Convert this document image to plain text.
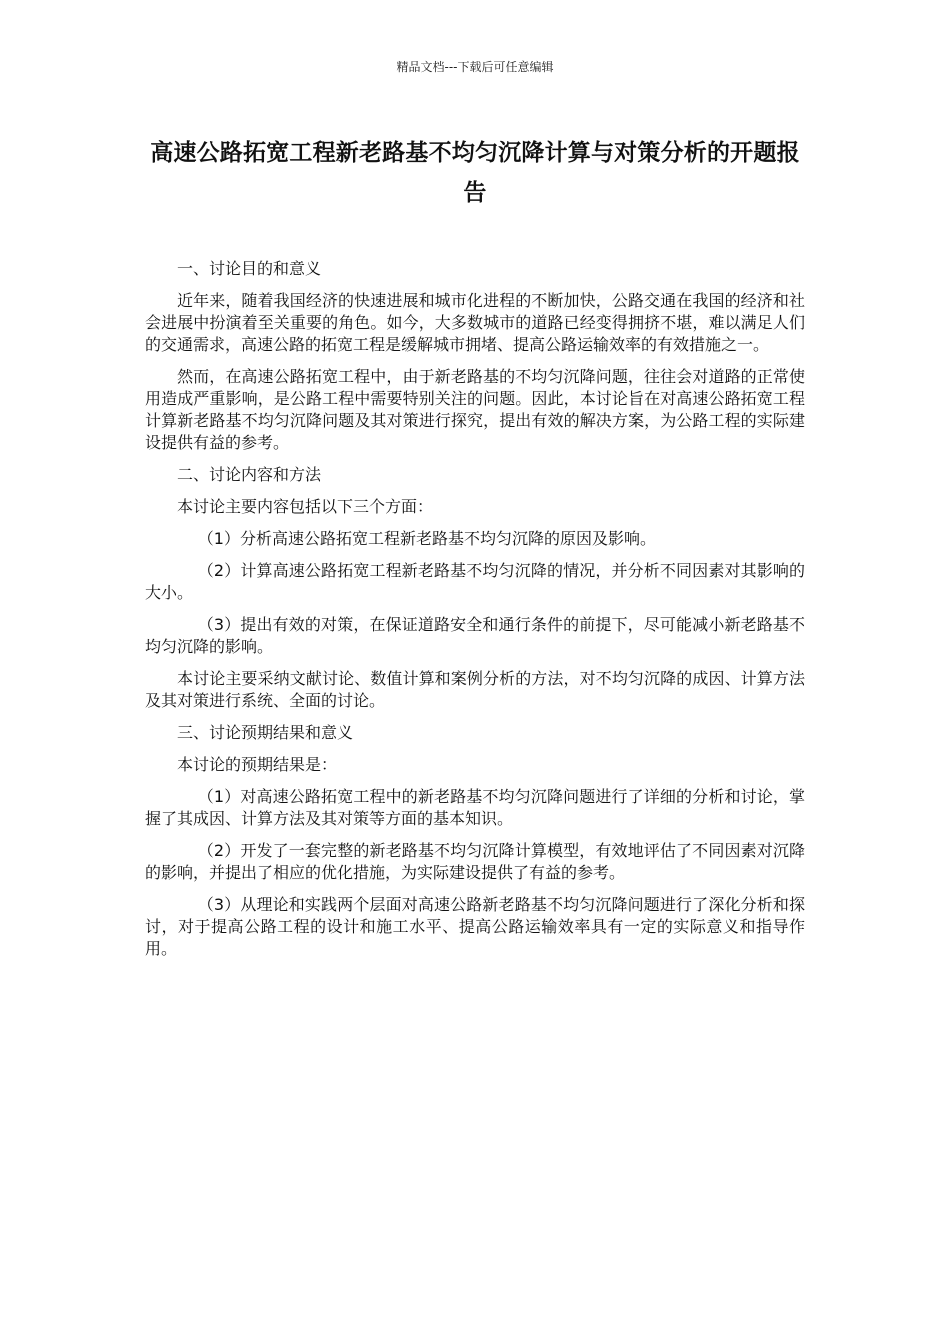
精品文档---下载后可任意编辑
高速公路拓宽工程新老路基不均匀沉降计算与对策分析的开题报告

一、讨论目的和意义

近年来，随着我国经济的快速进展和城市化进程的不断加快，公路交通在我国的经济和社会进展中扮演着至关重要的角色。如今，大多数城市的道路已经变得拥挤不堪，难以满足人们的交通需求，高速公路的拓宽工程是缓解城市拥堵、提高公路运输效率的有效措施之一。

然而，在高速公路拓宽工程中，由于新老路基的不均匀沉降问题，往往会对道路的正常使用造成严重影响，是公路工程中需要特别关注的问题。因此，本讨论旨在对高速公路拓宽工程计算新老路基不均匀沉降问题及其对策进行探究，提出有效的解决方案，为公路工程的实际建设提供有益的参考。

二、讨论内容和方法

本讨论主要内容包括以下三个方面：

（1）分析高速公路拓宽工程新老路基不均匀沉降的原因及影响。

（2）计算高速公路拓宽工程新老路基不均匀沉降的情况，并分析不同因素对其影响的大小。

（3）提出有效的对策，在保证道路安全和通行条件的前提下，尽可能减小新老路基不均匀沉降的影响。

本讨论主要采纳文献讨论、数值计算和案例分析的方法，对不均匀沉降的成因、计算方法及其对策进行系统、全面的讨论。

三、讨论预期结果和意义

本讨论的预期结果是：

（1）对高速公路拓宽工程中的新老路基不均匀沉降问题进行了详细的分析和讨论，掌握了其成因、计算方法及其对策等方面的基本知识。

（2）开发了一套完整的新老路基不均匀沉降计算模型，有效地评估了不同因素对沉降的影响，并提出了相应的优化措施，为实际建设提供了有益的参考。

（3）从理论和实践两个层面对高速公路新老路基不均匀沉降问题进行了深化分析和探讨，对于提高公路工程的设计和施工水平、提高公路运输效率具有一定的实际意义和指导作用。
